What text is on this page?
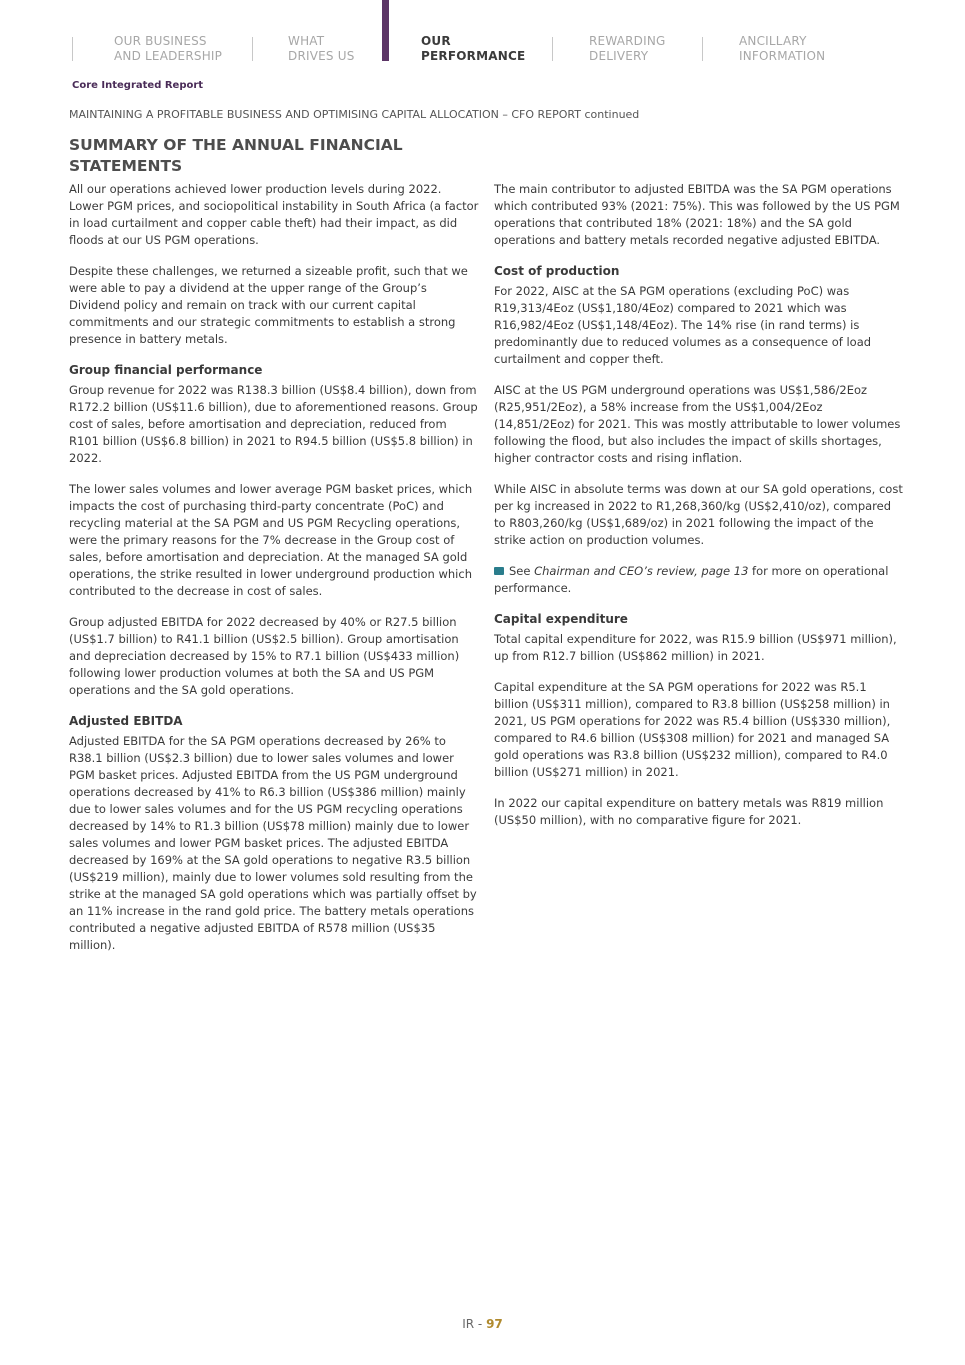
OUR BUSINESS
AND LEADERSHIP
WHAT
DRIVES US
OUR
PERFORMANCE
REWARDING
DELIVERY
ANCILLARY
INFORMATION
Core Integrated Report
MAINTAINING A PROFITABLE BUSINESS AND OPTIMISING CAPITAL ALLOCATION – CFO REPORT continued
SUMMARY OF THE ANNUAL FINANCIAL STATEMENTS

All our operations achieved lower production levels during 2022. Lower PGM prices, and sociopolitical instability in South Africa (a factor in load curtailment and copper cable theft) had their impact, as did floods at our US PGM operations.

Despite these challenges, we returned a sizeable profit, such that we were able to pay a dividend at the upper range of the Group’s Dividend policy and remain on track with our current capital commitments and our strategic commitments to establish a strong presence in battery metals.

Group financial performance

Group revenue for 2022 was R138.3 billion (US$8.4 billion), down from R172.2 billion (US$11.6 billion), due to aforementioned reasons. Group cost of sales, before amortisation and depreciation, reduced from R101 billion (US$6.8 billion) in 2021 to R94.5 billion (US$5.8 billion) in 2022.

The lower sales volumes and lower average PGM basket prices, which impacts the cost of purchasing third-party concentrate (PoC) and recycling material at the SA PGM and US PGM Recycling operations, were the primary reasons for the 7% decrease in the Group cost of sales, before amortisation and depreciation. At the managed SA gold operations, the strike resulted in lower underground production which contributed to the decrease in cost of sales.

Group adjusted EBITDA for 2022 decreased by 40% or R27.5 billion (US$1.7 billion) to R41.1 billion (US$2.5 billion). Group amortisation and depreciation decreased by 15% to R7.1 billion (US$433 million) following lower production volumes at both the SA and US PGM operations and the SA gold operations.

Adjusted EBITDA

Adjusted EBITDA for the SA PGM operations decreased by 26% to R38.1 billion (US$2.3 billion) due to lower sales volumes and lower PGM basket prices. Adjusted EBITDA from the US PGM underground operations decreased by 41% to R6.3 billion (US$386 million) mainly due to lower sales volumes and for the US PGM recycling operations decreased by 14% to R1.3 billion (US$78 million) mainly due to lower sales volumes and lower PGM basket prices. The adjusted EBITDA decreased by 169% at the SA gold operations to negative R3.5 billion (US$219 million), mainly due to lower volumes sold resulting from the strike at the managed SA gold operations which was partially offset by an 11% increase in the rand gold price. The battery metals operations contributed a negative adjusted EBITDA of R578 million (US$35 million).

The main contributor to adjusted EBITDA was the SA PGM operations which contributed 93% (2021: 75%). This was followed by the US PGM operations that contributed 18% (2021: 18%) and the SA gold operations and battery metals recorded negative adjusted EBITDA.

Cost of production

For 2022, AISC at the SA PGM operations (excluding PoC) was R19,313/4Eoz (US$1,180/4Eoz) compared to 2021 which was R16,982/4Eoz (US$1,148/4Eoz). The 14% rise (in rand terms) is predominantly due to reduced volumes as a consequence of load curtailment and copper theft.

AISC at the US PGM underground operations was US$1,586/2Eoz (R25,951/2Eoz), a 58% increase from the US$1,004/2Eoz (14,851/2Eoz) for 2021. This was mostly attributable to lower volumes following the flood, but also includes the impact of skills shortages, higher contractor costs and rising inflation.

While AISC in absolute terms was down at our SA gold operations, cost per kg increased in 2022 to R1,268,360/kg (US$2,410/oz), compared to R803,260/kg (US$1,689/oz) in 2021 following the impact of the strike action on production volumes.

See Chairman and CEO’s review, page 13 for more on operational performance.

Capital expenditure

Total capital expenditure for 2022, was R15.9 billion (US$971 million), up from R12.7 billion (US$862 million) in 2021.

Capital expenditure at the SA PGM operations for 2022 was R5.1 billion (US$311 million), compared to R3.8 billion (US$258 million) in 2021, US PGM operations for 2022 was R5.4 billion (US$330 million), compared to R4.6 billion (US$308 million) for 2021 and managed SA gold operations was R3.8 billion (US$232 million), compared to R4.0 billion (US$271 million) in 2021.

In 2022 our capital expenditure on battery metals was R819 million (US$50 million), with no comparative figure for 2021.

IR - 97
